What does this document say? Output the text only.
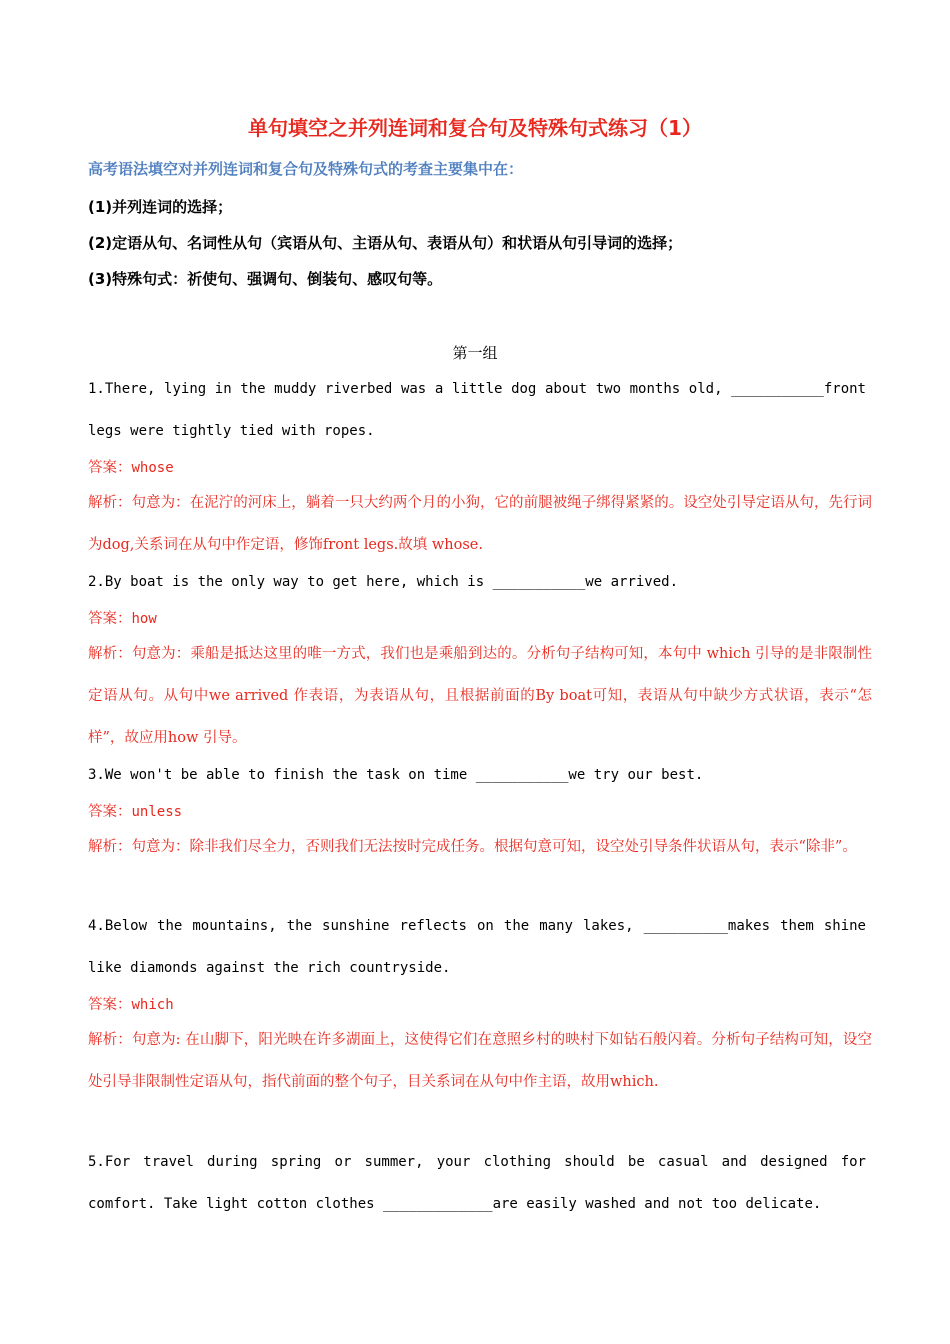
单句填空之并列连词和复合句及特殊句式练习（1）
高考语法填空对并列连词和复合句及特殊句式的考查主要集中在：
(1)并列连词的选择；
(2)定语从句、名词性从句（宾语从句、主语从句、表语从句）和状语从句引导词的选择；
(3)特殊句式：祈使句、强调句、倒装句、感叹句等。
第一组
1.There, lying in the muddy riverbed was a little dog about two months old, ___________front legs were tightly tied with ropes.
答案：whose
解析：句意为：在泥泞的河床上，躺着一只大约两个月的小狗，它的前腿被绳子绑得紧紧的。设空处引导定语从句，先行词为dog,关系词在从句中作定语，修饰front legs.故填 whose.
2.By boat is the only way to get here, which is ___________we arrived.
答案：how
解析：句意为：乘船是抵达这里的唯一方式，我们也是乘船到达的。分析句子结构可知，本句中 which 引导的是非限制性定语从句。从句中we arrived 作表语，为表语从句，且根据前面的By boat可知，表语从句中缺少方式状语，表示“怎样”，故应用how 引导。
3.We won't be able to finish the task on time ___________we try our best.
答案：unless
解析：句意为：除非我们尽全力，否则我们无法按时完成任务。根据句意可知，设空处引导条件状语从句，表示“除非”。
4.Below the mountains, the sunshine reflects on the many lakes, __________makes them shine like diamonds against the rich countryside.
答案：which
解析：句意为: 在山脚下，阳光映在许多湖面上，这使得它们在意照乡村的映村下如钻石般闪着。分析句子结构可知，设空处引导非限制性定语从句，指代前面的整个句子，目关系词在从句中作主语，故用which.
5.For travel during spring or summer, your clothing should be casual and designed for comfort. Take light cotton clothes _____________are easily washed and not too delicate.
